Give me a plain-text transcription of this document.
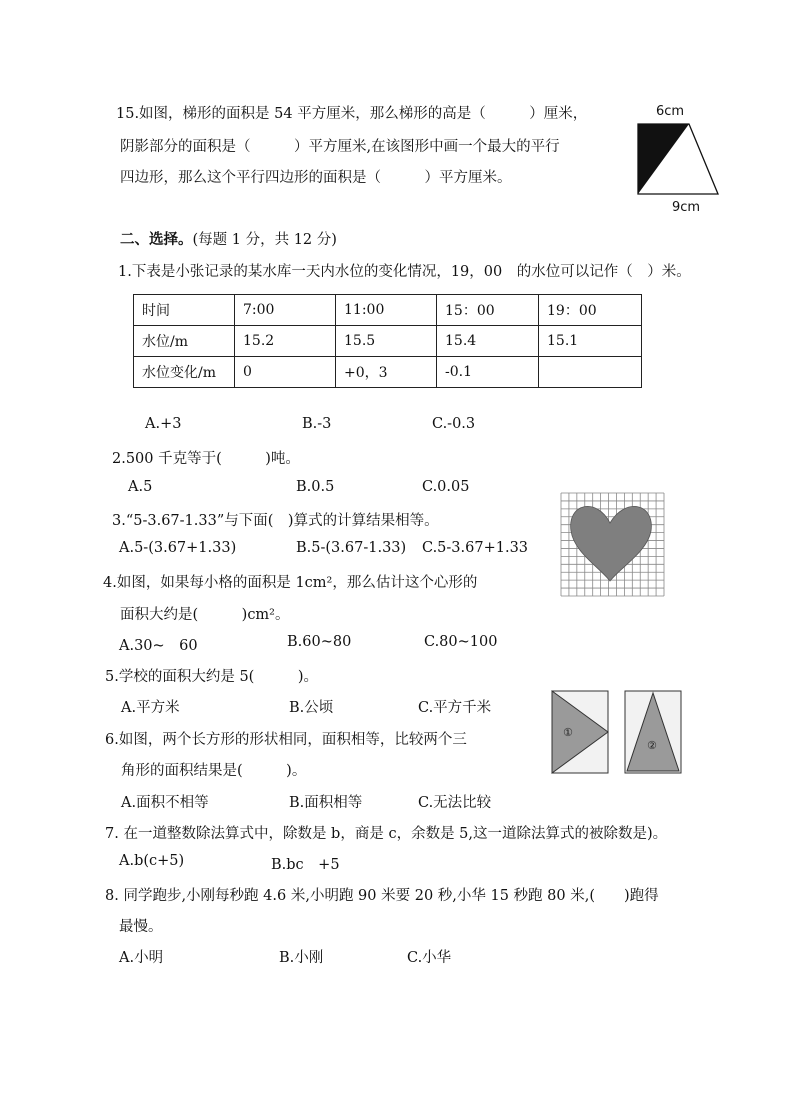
15.如图，梯形的面积是 54 平方厘米，那么梯形的高是（　　　）厘米，
阴影部分的面积是（　　　）平方厘米,在该图形中画一个最大的平行
四边形，那么这个平行四边形的面积是（　　　）平方厘米。
6cm
9cm
二、选择。(每题 1 分，共 12 分)
1.下表是小张记录的某水库一天内水位的变化情况，19，00　的水位可以记作（　）米。
时间	7:00	11:00	15：00	19：00
水位/m	15.2	15.5	15.4	15.1
水位变化/m	0	+0，3	-0.1	
A.+3	B.-3	C.-0.3
2.500 千克等于(　　　)吨。
A.5	B.0.5	C.0.05
3.“5-3.67-1.33”与下面(　)算式的计算结果相等。
A.5-(3.67+1.33)	B.5-(3.67-1.33) C.5-3.67+1.33
4.如图，如果每小格的面积是 1cm²，那么估计这个心形的
面积大约是(　　　)cm²。
A.30~　60	B.60~80	C.80~100
5.学校的面积大约是 5(　　　)。
A.平方米	B.公顷	C.平方千米
①
②
6.如图，两个长方形的形状相同，面积相等，比较两个三
角形的面积结果是(　　　)。
A.面积不相等	B.面积相等	C.无法比较
7. 在一道整数除法算式中，除数是 b，商是 c，余数是 5,这一道除法算式的被除数是)。
A.b(c+5)	B.bc　+5
8. 同学跑步,小刚每秒跑 4.6 米,小明跑 90 米要 20 秒,小华 15 秒跑 80 米,(　　)跑得
最慢。
A.小明	B.小刚	C.小华
